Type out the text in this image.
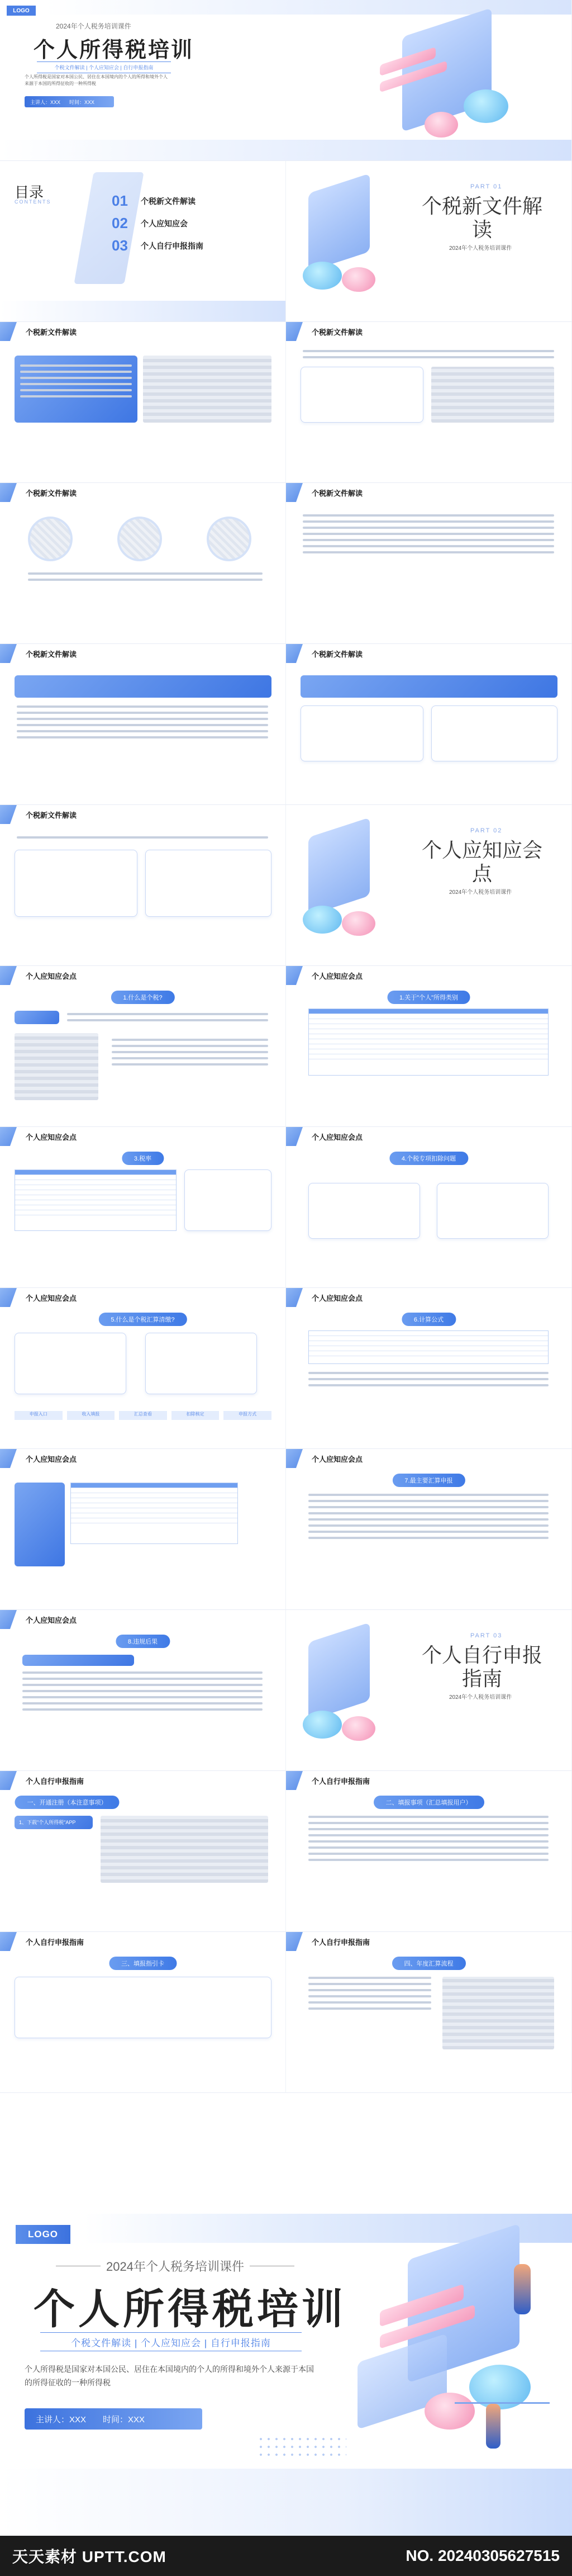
LOGO
2024年个人税务培训课件
个人所得税培训
个税文件解读 | 个人应知应会 | 自行申报指南
个人所得税是国家对本国公民、居住在本国境内的个人的所得和境外个人来源于本国的所得征收的一种所得税
主讲人：XXX 时间：XXX
目录
CONTENTS	01	个税新文件解读
02	个人应知应会
03	个人自行申报指南
PART 01
个税新文件解读
2024年个人税务培训课件
个税新文件解读	个税新文件解读
个税新文件解读	个税新文件解读
个税新文件解读	个税新文件解读
个税新文件解读
PART 02
个人应知应会点
2024年个人税务培训课件
个人应知应会点
1.什么是个税?
个人应知应会点
1.关于"个人"所得类别
个人应知应会点
3.税率
个人应知应会点
4.个税专项扣除问题
个人应知应会点
5.什么是个税汇算清缴?
申报入口	收入填报	汇总查看	扣除核定	申报方式
个人应知应会点
6.计算公式
个人应知应会点	个人应知应会点
7.最主要汇算申报
个人应知应会点
8.违规后果
PART 03
个人自行申报指南
2024年个人税务培训课件
个人自行申报指南
一、开通注册（本注意事项）
1、下载"个人所得税"APP
个人自行申报指南
二、填报事项（汇总填报用户）
个人自行申报指南
三、填报指引卡
个人自行申报指南
四、年度汇算流程
LOGO
2024年个人税务培训课件
个人所得税培训
个税文件解读 | 个人应知应会 | 自行申报指南
个人所得税是国家对本国公民、居住在本国境内的个人的所得和境外个人来源于本国的所得征收的一种所得税
主讲人：XXX 时间：XXX
天天素材 UPTT.COM	NO. 20240305627515
